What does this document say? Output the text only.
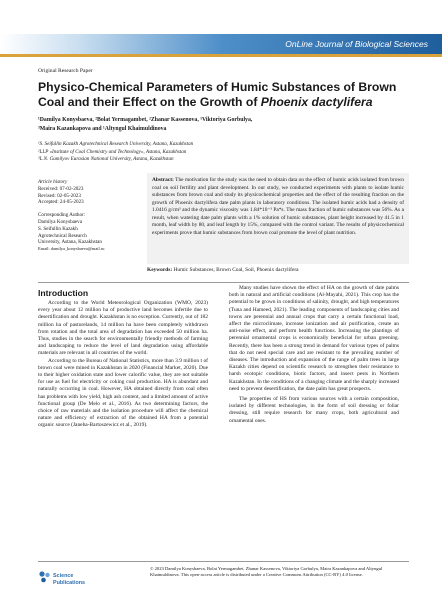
OnLine Journal of Biological Sciences
Original Research Paper
Physico-Chemical Parameters of Humic Substances of Brown Coal and their Effect on the Growth of Phoenix dactylifera
¹Damilya Konysbaeva, ²Bolat Yermagambet, ²Zhanar Kassenova, ¹Viktoriya Gorbulya,
³Maira Kazankapova and ¹Altyngul Khaimuldinova
¹S. Seifullin Kazakh Agrotechnical Research University, Astana, Kazakhstan
²LLP «Institute of Coal Chemistry and Technology», Astana, Kazakhstan
³L.N. Gumilyov Eurasian National University, Astana, Kazakhstan
Article history
Received: 07-02-2023
Revised: 02-05-2023
Accepted: 24-05-2023
Corresponding Author:
Damilya Konysbaeva
S. Seifullin Kazakh
Agrotechnical Research
University, Astana, Kazakhstan
Email: damilya_konysbaeva@mail.ru
Abstract: The motivation for the study was the need to obtain data on the effect of humic acids isolated from brown coal on soil fertility and plant development. In our study, we conducted experiments with plants to isolate humic substances from brown coal and study its physicochemical properties and the effect of the resulting fraction on the growth of Phoenix dactylifera date palm plants in laboratory conditions. The isolated humic acids had a density of 1.0416 g/cm³ and the dynamic viscosity was 1.84*10⁻³ Pa*s. The mass fraction of humic substances was 56%. As a result, when watering date palm plants with a 1% solution of humic substances, plant height increased by 41.5 in 1 month, leaf width by 80, and leaf length by 15%, compared with the control variant. The results of physicochemical experiments prove that humic substances from brown coal promote the level of plant nutrition.
Keywords: Humic Substances, Brown Coal, Soil, Phoenix dactylifera
Introduction

According to the World Meteorological Organization (WMO, 2023) every year about 12 million ha of productive land becomes infertile due to desertification and drought. Kazakhstan is no exception. Currently, out of 182 million ha of pasturelands, 14 million ha have been completely withdrawn from rotation and the total area of degradation has exceeded 50 million ha. Thus, studies in the search for environmentally friendly methods of farming and landscaping to reduce the level of land degradation using affordable materials are relevant in all countries of the world.

According to the Bureau of National Statistics, more than 3.9 million t of brown coal were mined in Kazakhstan in 2020 (Financial Market, 2020). Due to their higher oxidation state and lower calorific value, they are not suitable for use as fuel for electricity or coking coal production. HA is abundant and naturally occurring in coal. However, HA obtained directly from coal often has problems with low yield, high ash content, and a limited amount of active functional group (De Melo et al., 2016). As two determining factors, the choice of raw materials and the isolation procedure will affect the chemical nature and efficiency of extraction of the obtained HA from a potential organic source (Janeba-Bartoszewicz et al., 2019).

Many studies have shown the effect of HA on the growth of date palms both in natural and artificial conditions (Al-Mayahi, 2021). This crop has the potential to be grown in conditions of salinity, drought, and high temperatures (Tuna and Hameed, 2021). The leading components of landscaping cities and towns are perennial and annual crops that carry a certain functional load, affect the microclimate, increase ionization and air purification, create an anti-noise effect, and perform health functions. Increasing the plantings of perennial ornamental crops is economically beneficial for urban greening. Recently, there has been a strong trend in demand for various types of palms that do not need special care and are resistant to the prevailing number of diseases. The introduction and expansion of the range of palm trees in large Kazakh cities depend on scientific research to strengthen their resistance to harsh ecotopic conditions, biotic factors, and insect pests in Northern Kazakhstan. In the conditions of a changing climate and the sharply increased need to prevent desertification, the date palm has great prospects.

The properties of HS from various sources with a certain composition, isolated by different technologies, in the form of soil dressing or foliar dressing, still require research for many crops, both agricultural and ornamental ones.

Science
Publications
© 2023 Damilya Konysbaeva, Bolat Yermagambet, Zhanar Kassenova, Viktoriya Gorbulya, Maira Kazankapova and Altyngul Khaimuldinova. This open-access article is distributed under a Creative Commons Attribution (CC-BY) 4.0 license.
